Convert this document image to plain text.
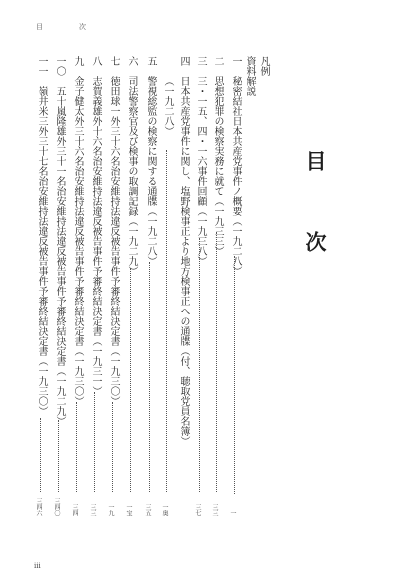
目	次
目次
凡例
資料解説
一　秘密結社日本共産党事件ノ概要（一九二八）
一
二　思想犯罪の検察実務に就て（一九三三）
三三
三　三・一五、四・一六事件回顧（一九三八）
三七
四　日本共産党事件に関し、塩野検事正より地方検事正への通牒（付、聴取党員名簿）
（一九二八）
一奥
五　警視総監の検察に関する通牒（一九二八）
三五
六　司法警察官及び検事の取調記録（一九二九）
一宝
七　徳田球一外三十六名治安維持法違反被告事件予審終結決定書（一九三〇）
一九
八　志賀義雄外十六名治安維持法違反被告事件予審終結決定書（一九三一）
三三
九　金子健太外三十六名治安維持法違反被告事件予審終結決定書（一九三〇）
三四
一〇　五十嵐隆雄外三十一名治安維持法違反被告事件予審終結決定書（一九二九）
三四〇
一一　嶺井米三外三十七名治安維持法違反被告事件予審終結決定書（一九三〇）
三四六
iii
